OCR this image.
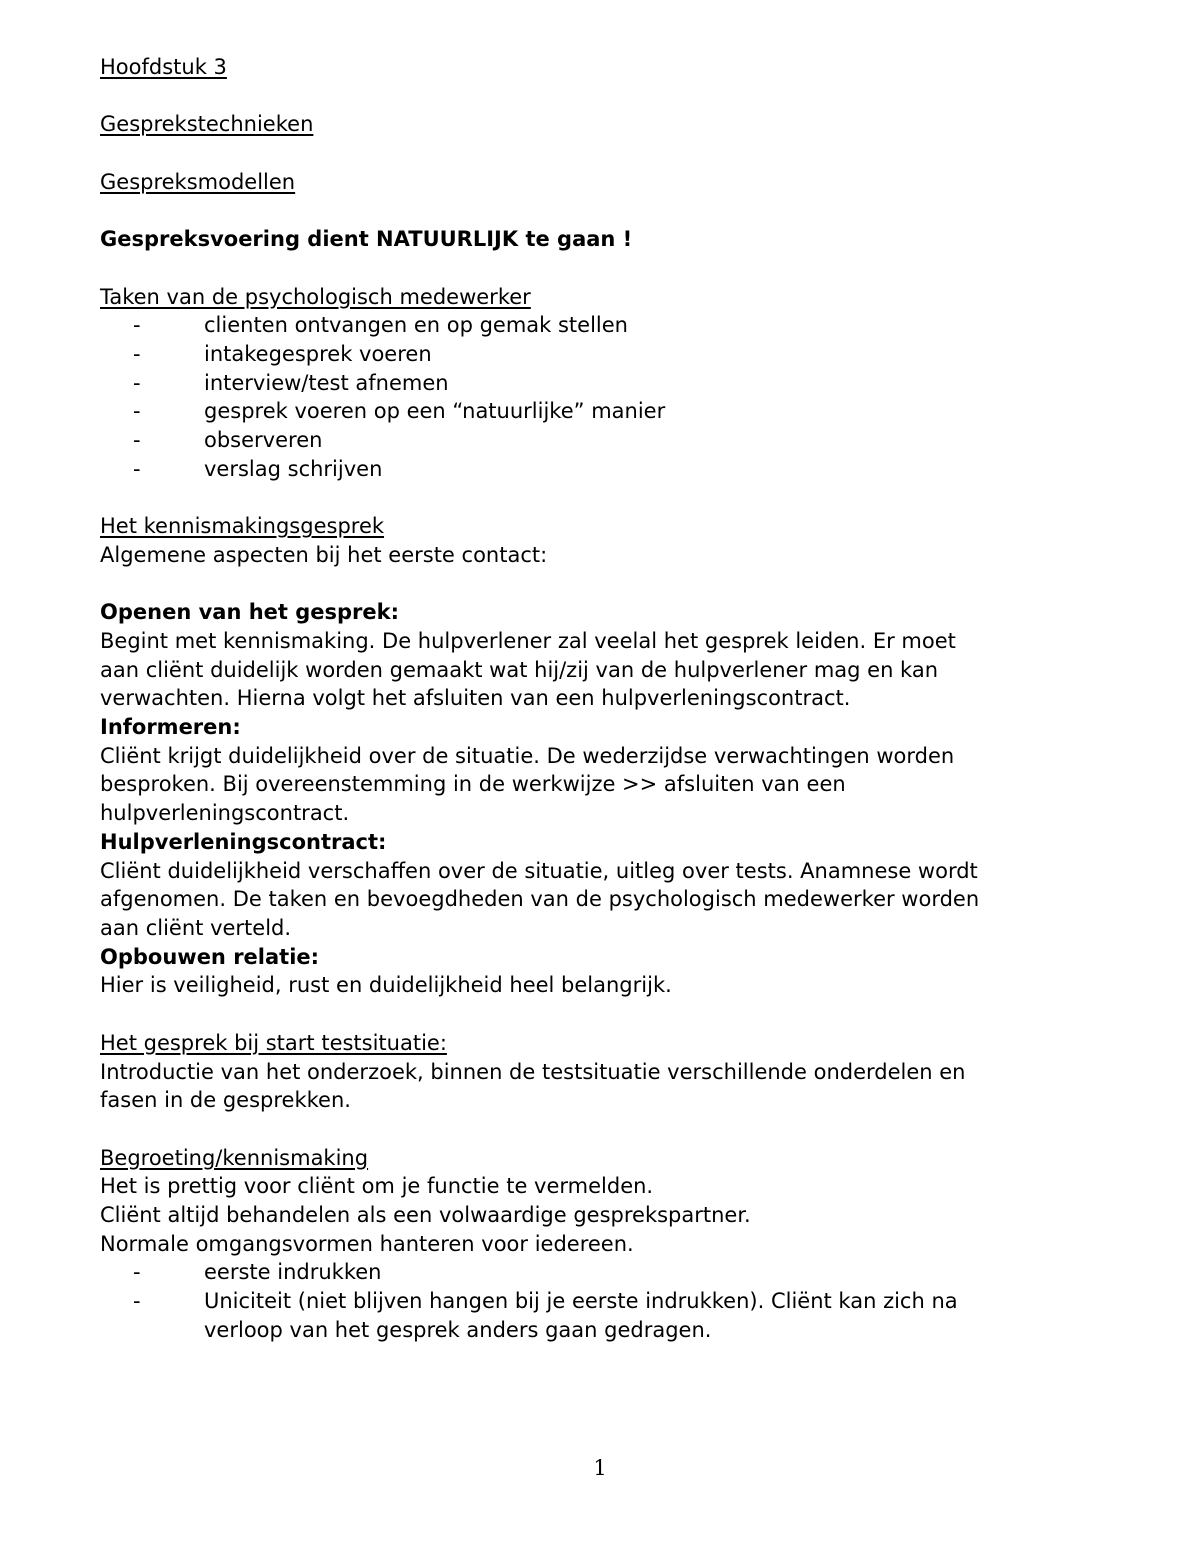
Hoofdstuk 3
Gesprekstechnieken
Gespreksmodellen
Gespreksvoering dient NATUURLIJK te gaan !
Taken van de psychologisch medewerker
-	clienten ontvangen en op gemak stellen
-	intakegesprek voeren
-	interview/test afnemen
-	gesprek voeren op een “natuurlijke” manier
-	observeren
-	verslag schrijven
Het kennismakingsgesprek
Algemene aspecten bij het eerste contact:
Openen van het gesprek:
Begint met kennismaking. De hulpverlener zal veelal het gesprek leiden. Er moet
aan cliënt duidelijk worden gemaakt wat hij/zij van de hulpverlener mag en kan
verwachten. Hierna volgt het afsluiten van een hulpverleningscontract.
Informeren:
Cliënt krijgt duidelijkheid over de situatie. De wederzijdse verwachtingen worden
besproken. Bij overeenstemming in de werkwijze >> afsluiten van een
hulpverleningscontract.
Hulpverleningscontract:
Cliënt duidelijkheid verschaffen over de situatie, uitleg over tests. Anamnese wordt
afgenomen. De taken en bevoegdheden van de psychologisch medewerker worden
aan cliënt verteld.
Opbouwen relatie:
Hier is veiligheid, rust en duidelijkheid heel belangrijk.
Het gesprek bij start testsituatie:
Introductie van het onderzoek, binnen de testsituatie verschillende onderdelen en
fasen in de gesprekken.
Begroeting/kennismaking
Het is prettig voor cliënt om je functie te vermelden.
Cliënt altijd behandelen als een volwaardige gesprekspartner.
Normale omgangsvormen hanteren voor iedereen.
-	eerste indrukken
-	Uniciteit (niet blijven hangen bij je eerste indrukken). Cliënt kan zich na
verloop van het gesprek anders gaan gedragen.
1
